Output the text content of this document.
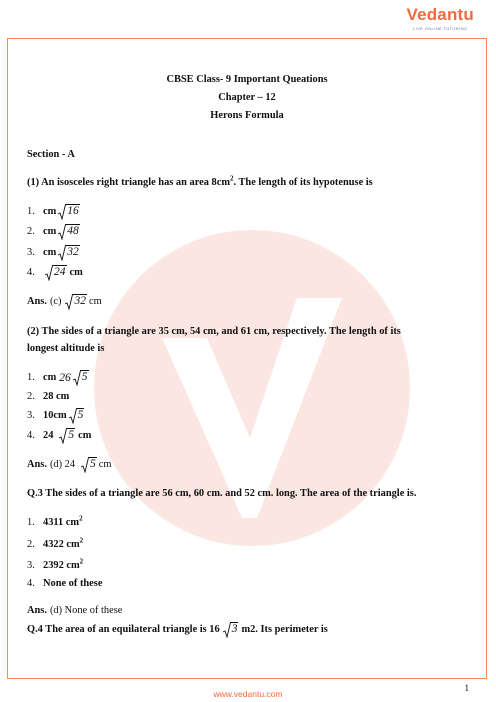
Vedantu
LIVE ONLINE TUTORING
CBSE Class- 9 Important Queations
Chapter – 12
Herons Formula
Section - A
(1) An isosceles right triangle has an area $8cm^2$. The length of its hypotenuse is
1. cm 16
2. cm 48
3. cm 32
4.	24 cm
Ans. (c) 32 cm
(2) The sides of a triangle are 35 cm, 54 cm, and 61 cm, respectively. The length of its
longest altitude is
1. cm 26 5
2. 28 cm
3. 10cm 5
4. 24 5 cm
Ans. (d) 24 5 cm
Q.3 The sides of a triangle are 56 cm, 60 cm. and 52 cm. long. The area of the triangle is.
1. 4311 $cm^2$
2. 4322 $cm^2$
3. 2392 $cm^2$
4. None of these
Ans. (d) None of these
Q.4 The area of an equilateral triangle is 16 3 m2. Its perimeter is
1
www.vedantu.com
